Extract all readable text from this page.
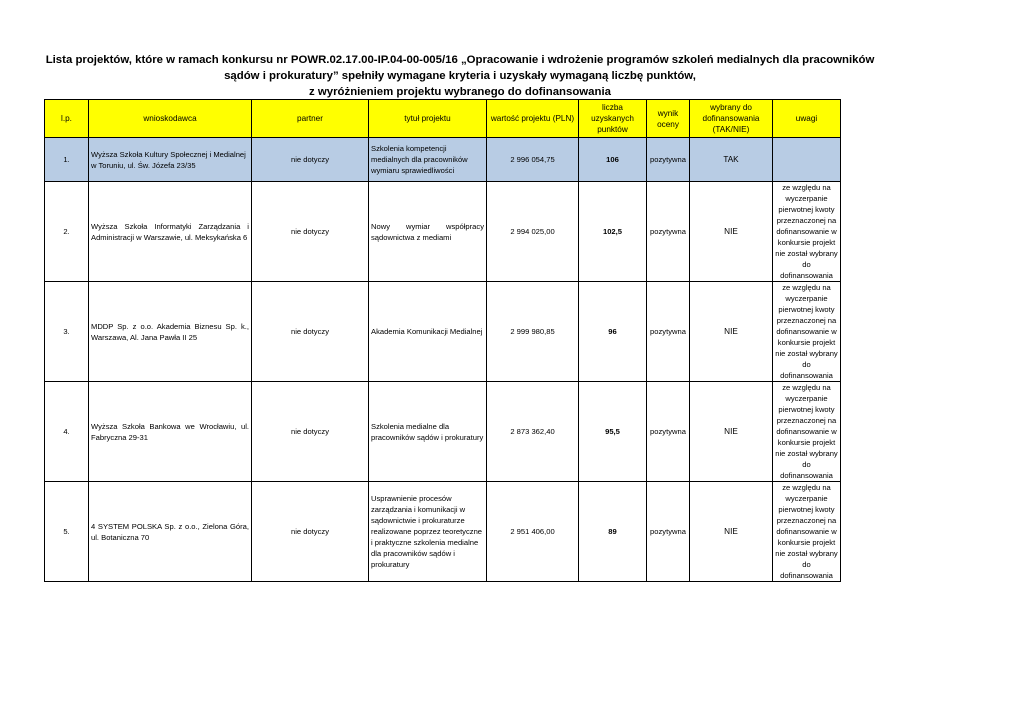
Lista projektów, które w ramach konkursu nr POWR.02.17.00-IP.04-00-005/16 „Opracowanie i wdrożenie programów szkoleń medialnych dla pracowników
sądów i prokuratury” spełniły wymagane kryteria i uzyskały wymaganą liczbę punktów,
z wyróżnieniem projektu wybranego do dofinansowania
l.p.	wnioskodawca	partner	tytuł projektu	wartość projektu (PLN)	liczba uzyskanych punktów	wynik oceny	wybrany do dofinansowania (TAK/NIE)	uwagi
1.	Wyższa Szkoła Kultury Społecznej i Medialnej w Toruniu, ul. Św. Józefa 23/35	nie dotyczy	Szkolenia kompetencji medialnych dla pracowników wymiaru sprawiedliwości	2 996 054,75	106	pozytywna	TAK	
2.	Wyższa Szkoła Informatyki Zarządzania i Administracji w Warszawie, ul. Meksykańska 6	nie dotyczy	Nowy wymiar współpracy sądownictwa z mediami	2 994 025,00	102,5	pozytywna	NIE	ze względu na wyczerpanie pierwotnej kwoty przeznaczonej na dofinansowanie w konkursie projekt nie został wybrany do dofinansowania
3.	MDDP Sp. z o.o. Akademia Biznesu Sp. k., Warszawa, Al. Jana Pawła II 25	nie dotyczy	Akademia Komunikacji Medialnej	2 999 980,85	96	pozytywna	NIE	ze względu na wyczerpanie pierwotnej kwoty przeznaczonej na dofinansowanie w konkursie projekt nie został wybrany do dofinansowania
4.	Wyższa Szkoła Bankowa we Wrocławiu, ul. Fabryczna 29-31	nie dotyczy	Szkolenia medialne dla pracowników sądów i prokuratury	2 873 362,40	95,5	pozytywna	NIE	ze względu na wyczerpanie pierwotnej kwoty przeznaczonej na dofinansowanie w konkursie projekt nie został wybrany do dofinansowania
5.	4 SYSTEM POLSKA Sp. z o.o., Zielona Góra, ul. Botaniczna 70	nie dotyczy	Usprawnienie procesów zarządzania i komunikacji w sądownictwie i prokuraturze realizowane poprzez teoretyczne i praktyczne szkolenia medialne dla pracowników sądów i prokuratury	2 951 406,00	89	pozytywna	NIE	ze względu na wyczerpanie pierwotnej kwoty przeznaczonej na dofinansowanie w konkursie projekt nie został wybrany do dofinansowania
